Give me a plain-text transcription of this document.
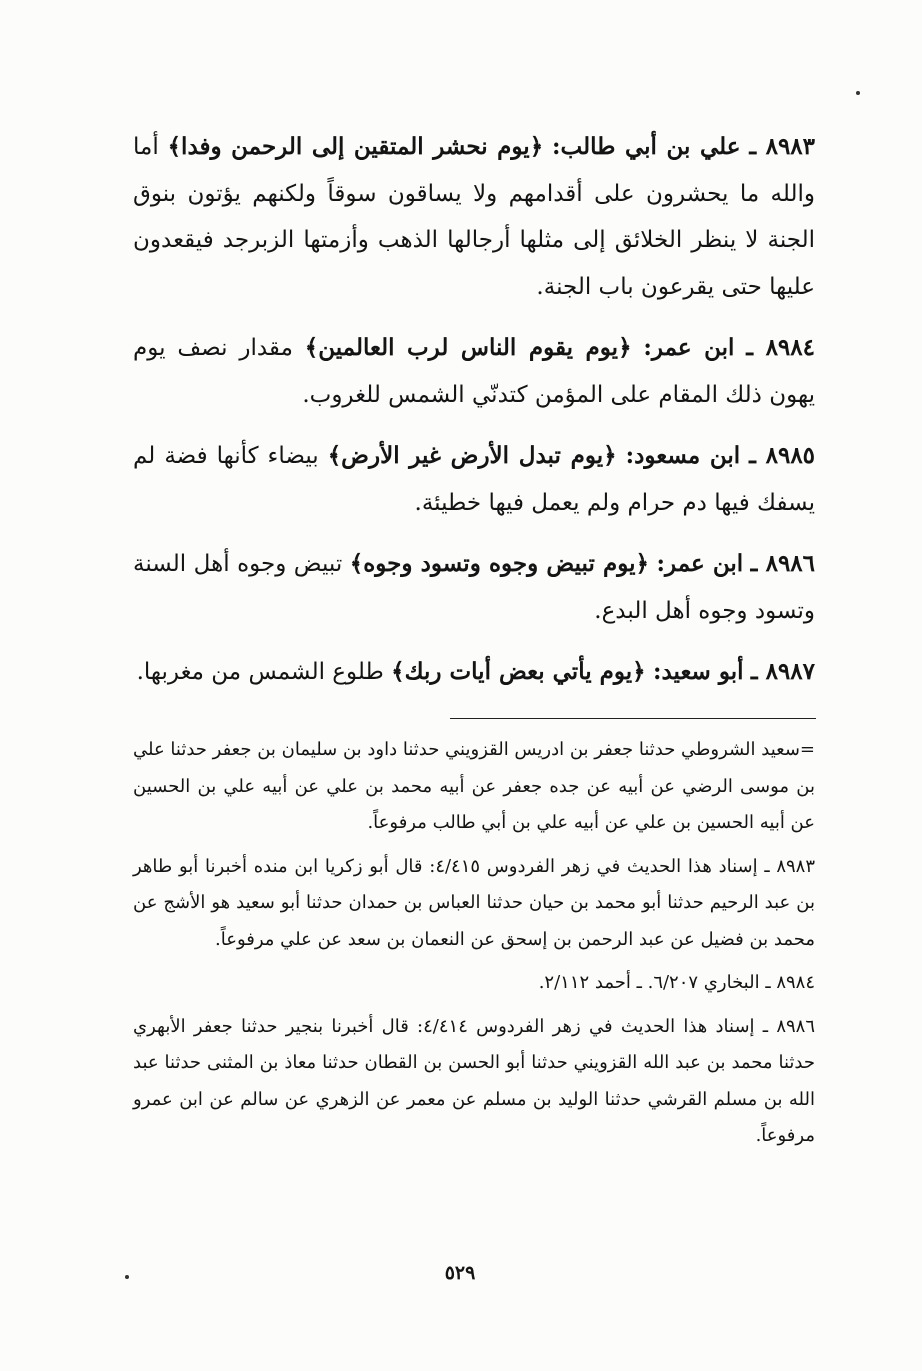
٨٩٨٣ ـ علي بن أبي طالب: ﴿يوم نحشر المتقين إلى الرحمن وفدا﴾ أما والله ما يحشرون على أقدامهم ولا يساقون سوقاً ولكنهم يؤتون بنوق الجنة لا ينظر الخلائق إلى مثلها أرجالها الذهب وأزمتها الزبرجد فيقعدون عليها حتى يقرعون باب الجنة.

٨٩٨٤ ـ ابن عمر: ﴿يوم يقوم الناس لرب العالمين﴾ مقدار نصف يوم يهون ذلك المقام على المؤمن كتدنّي الشمس للغروب.

٨٩٨٥ ـ ابن مسعود: ﴿يوم تبدل الأرض غير الأرض﴾ بيضاء كأنها فضة لم يسفك فيها دم حرام ولم يعمل فيها خطيئة.

٨٩٨٦ ـ ابن عمر: ﴿يوم تبيض وجوه وتسود وجوه﴾ تبيض وجوه أهل السنة وتسود وجوه أهل البدع.

٨٩٨٧ ـ أبو سعيد: ﴿يوم يأتي بعض أيات ربك﴾ طلوع الشمس من مغربها.

=سعيد الشروطي حدثنا جعفر بن ادريس القزويني حدثنا داود بن سليمان بن جعفر حدثنا علي بن موسى الرضي عن أبيه عن جده جعفر عن أبيه محمد بن علي عن أبيه علي بن الحسين عن أبيه الحسين بن علي عن أبيه علي بن أبي طالب مرفوعاً.

٨٩٨٣ ـ إسناد هذا الحديث في زهر الفردوس ٤/٤١٥: قال أبو زكريا ابن منده أخبرنا أبو طاهر بن عبد الرحيم حدثنا أبو محمد بن حيان حدثنا العباس بن حمدان حدثنا أبو سعيد هو الأشج عن محمد بن فضيل عن عبد الرحمن بن إسحق عن النعمان بن سعد عن علي مرفوعاً.

٨٩٨٤ ـ البخاري ٦/٢٠٧. ـ أحمد ٢/١١٢.

٨٩٨٦ ـ إسناد هذا الحديث في زهر الفردوس ٤/٤١٤: قال أخبرنا بنجير حدثنا جعفر الأبهري حدثنا محمد بن عبد الله القزويني حدثنا أبو الحسن بن القطان حدثنا معاذ بن المثنى حدثنا عبد الله بن مسلم القرشي حدثنا الوليد بن مسلم عن معمر عن الزهري عن سالم عن ابن عمرو مرفوعاً.

٥٢٩
